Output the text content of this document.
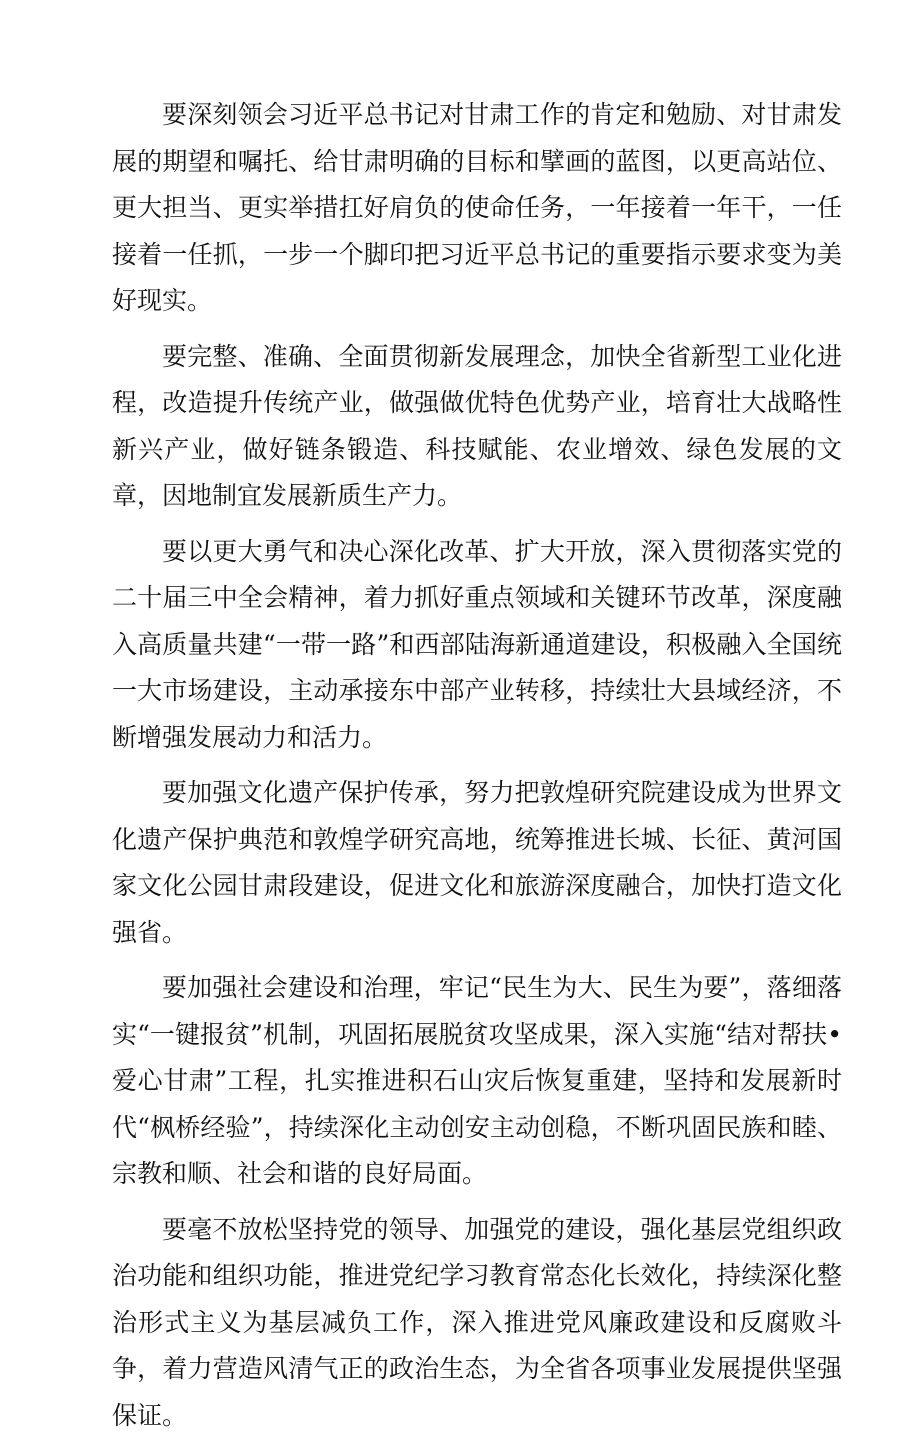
要深刻领会习近平总书记对甘肃工作的肯定和勉励、对甘肃发展的期望和嘱托、给甘肃明确的目标和擘画的蓝图，以更高站位、更大担当、更实举措扛好肩负的使命任务，一年接着一年干，一任接着一任抓，一步一个脚印把习近平总书记的重要指示要求变为美好现实。

要完整、准确、全面贯彻新发展理念，加快全省新型工业化进程，改造提升传统产业，做强做优特色优势产业，培育壮大战略性新兴产业，做好链条锻造、科技赋能、农业增效、绿色发展的文章，因地制宜发展新质生产力。

要以更大勇气和决心深化改革、扩大开放，深入贯彻落实党的二十届三中全会精神，着力抓好重点领域和关键环节改革，深度融入高质量共建“一带一路”和西部陆海新通道建设，积极融入全国统一大市场建设，主动承接东中部产业转移，持续壮大县域经济，不断增强发展动力和活力。

要加强文化遗产保护传承，努力把敦煌研究院建设成为世界文化遗产保护典范和敦煌学研究高地，统筹推进长城、长征、黄河国家文化公园甘肃段建设，促进文化和旅游深度融合，加快打造文化强省。

要加强社会建设和治理，牢记“民生为大、民生为要”，落细落实“一键报贫”机制，巩固拓展脱贫攻坚成果，深入实施“结对帮扶•爱心甘肃”工程，扎实推进积石山灾后恢复重建，坚持和发展新时代“枫桥经验”，持续深化主动创安主动创稳，不断巩固民族和睦、宗教和顺、社会和谐的良好局面。

要毫不放松坚持党的领导、加强党的建设，强化基层党组织政治功能和组织功能，推进党纪学习教育常态化长效化，持续深化整治形式主义为基层减负工作，深入推进党风廉政建设和反腐败斗争，着力营造风清气正的政治生态，为全省各项事业发展提供坚强保证。
